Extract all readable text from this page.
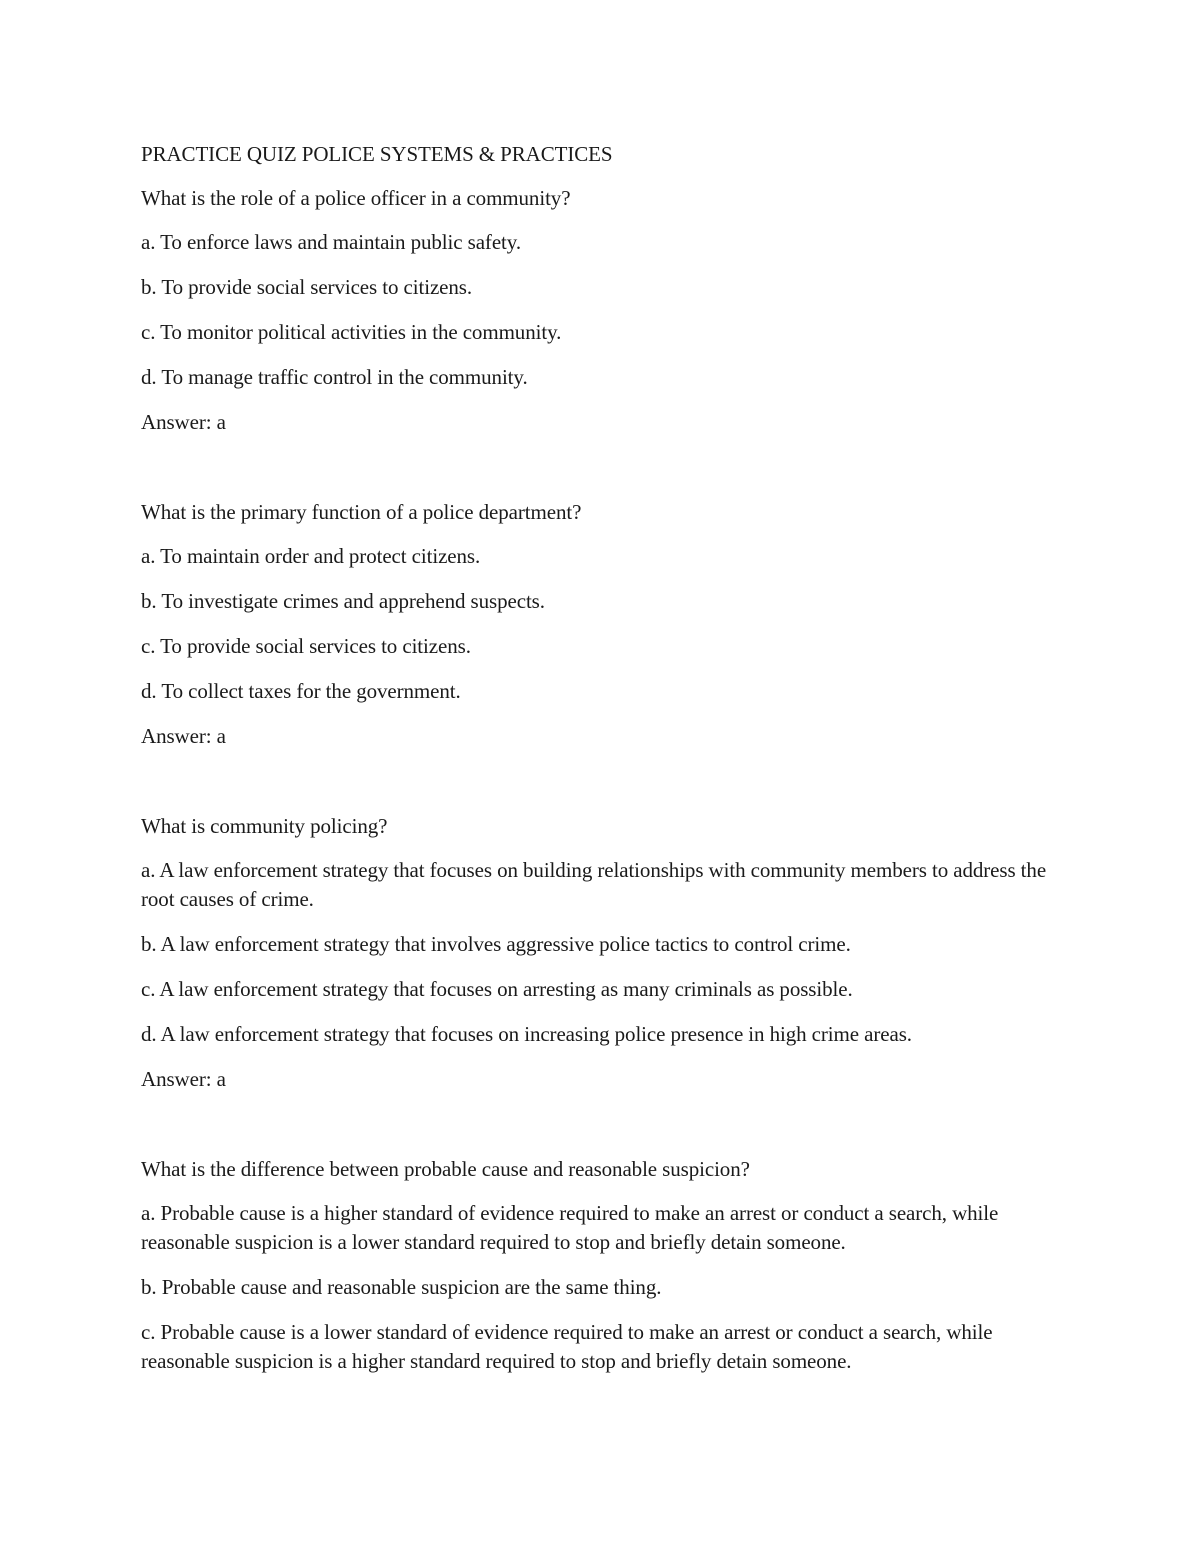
PRACTICE QUIZ POLICE SYSTEMS & PRACTICES

What is the role of a police officer in a community?

a. To enforce laws and maintain public safety.

b. To provide social services to citizens.

c. To monitor political activities in the community.

d. To manage traffic control in the community.

Answer: a

What is the primary function of a police department?

a. To maintain order and protect citizens.

b. To investigate crimes and apprehend suspects.

c. To provide social services to citizens.

d. To collect taxes for the government.

Answer: a

What is community policing?

a. A law enforcement strategy that focuses on building relationships with community members to address the root causes of crime.

b. A law enforcement strategy that involves aggressive police tactics to control crime.

c. A law enforcement strategy that focuses on arresting as many criminals as possible.

d. A law enforcement strategy that focuses on increasing police presence in high crime areas.

Answer: a

What is the difference between probable cause and reasonable suspicion?

a. Probable cause is a higher standard of evidence required to make an arrest or conduct a search, while reasonable suspicion is a lower standard required to stop and briefly detain someone.

b. Probable cause and reasonable suspicion are the same thing.

c. Probable cause is a lower standard of evidence required to make an arrest or conduct a search, while reasonable suspicion is a higher standard required to stop and briefly detain someone.
